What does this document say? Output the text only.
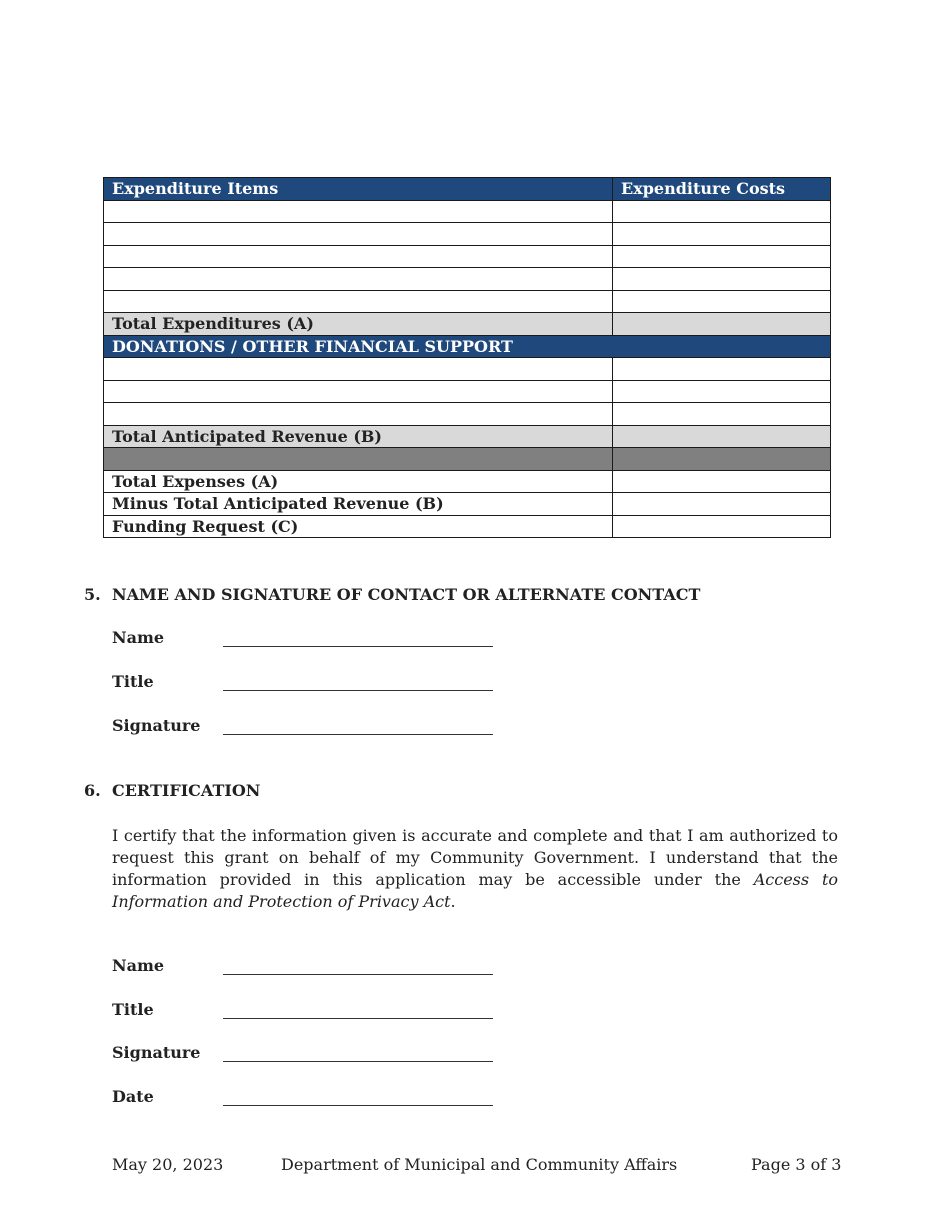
Expenditure Items	Expenditure Costs

Total Expenditures (A)	
DONATIONS / OTHER FINANCIAL SUPPORT	

Total Anticipated Revenue (B)	

Total Expenses (A)	
Minus Total Anticipated Revenue (B)	
Funding Request (C)	
5. NAME AND SIGNATURE OF CONTACT OR ALTERNATE CONTACT
Name
Title
Signature
6. CERTIFICATION
I certify that the information given is accurate and complete and that I am authorized to request this grant on behalf of my Community Government. I understand that the information provided in this application may be accessible under the Access to Information and Protection of Privacy Act.
Name
Title
Signature
Date
May 20, 2023	Department of Municipal and Community Affairs	Page 3 of 3
